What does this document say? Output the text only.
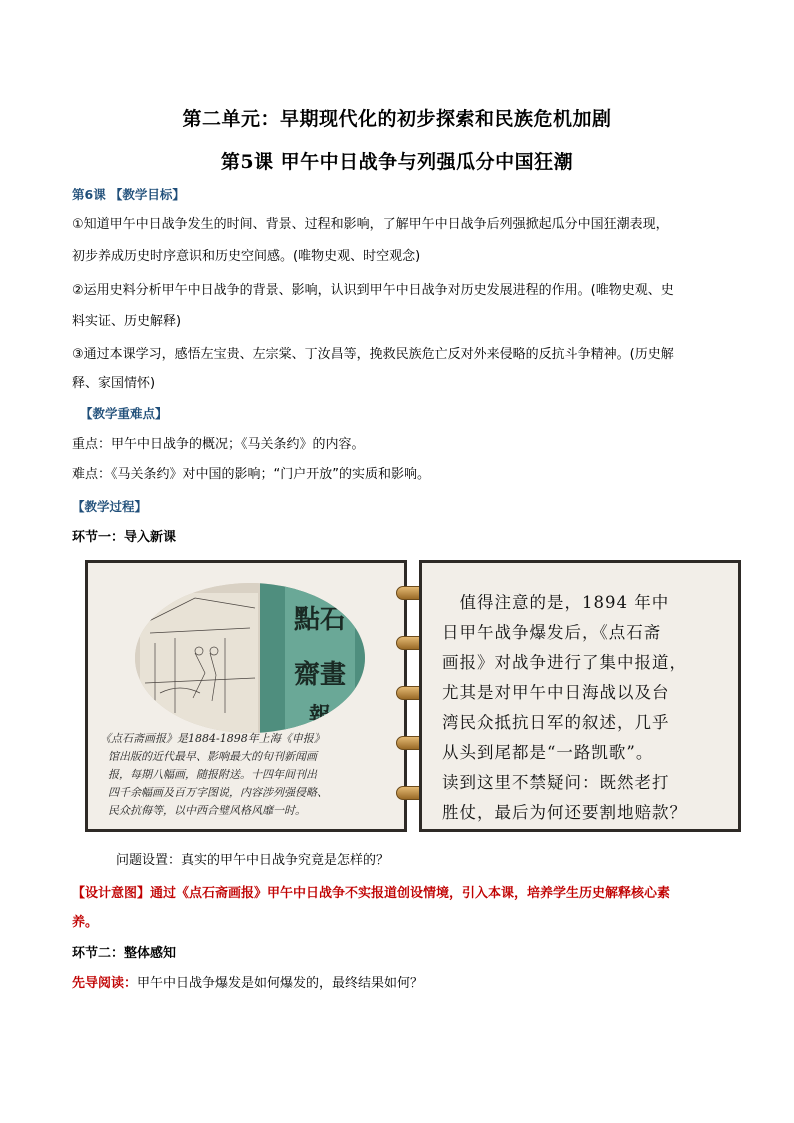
第二单元：早期现代化的初步探索和民族危机加剧
第5课 甲午中日战争与列强瓜分中国狂潮
第6课 【教学目标】
①知道甲午中日战争发生的时间、背景、过程和影响，了解甲午中日战争后列强掀起瓜分中国狂潮表现，
初步养成历史时序意识和历史空间感。(唯物史观、时空观念)
②运用史料分析甲午中日战争的背景、影响，认识到甲午中日战争对历史发展进程的作用。(唯物史观、史
料实证、历史解释)
③通过本课学习，感悟左宝贵、左宗棠、丁汝昌等，挽救民族危亡反对外来侵略的反抗斗争精神。(历史解
释、家国情怀)
【教学重难点】
重点：甲午中日战争的概况；《马关条约》的内容。
难点：《马关条约》对中国的影响；“门户开放”的实质和影响。
【教学过程】
环节一：导入新课
點石
齋畫
報
《点石斋画报》是1884-1898年上海《申报》
馆出版的近代最早、影响最大的旬刊新闻画
报，每期八幅画，随报附送。十四年间刊出
四千余幅画及百万字图说，内容涉列强侵略、
民众抗侮等，以中西合璧风格风靡一时。
　值得注意的是，1894 年中
日甲午战争爆发后，《点石斋
画报》对战争进行了集中报道，
尤其是对甲午中日海战以及台
湾民众抵抗日军的叙述，几乎
从头到尾都是“一路凯歌”。
读到这里不禁疑问：既然老打
胜仗，最后为何还要割地赔款？
问题设置：真实的甲午中日战争究竟是怎样的？
【设计意图】通过《点石斋画报》甲午中日战争不实报道创设情境，引入本课，培养学生历史解释核心素
养。
环节二：整体感知
先导阅读：甲午中日战争爆发是如何爆发的，最终结果如何？
